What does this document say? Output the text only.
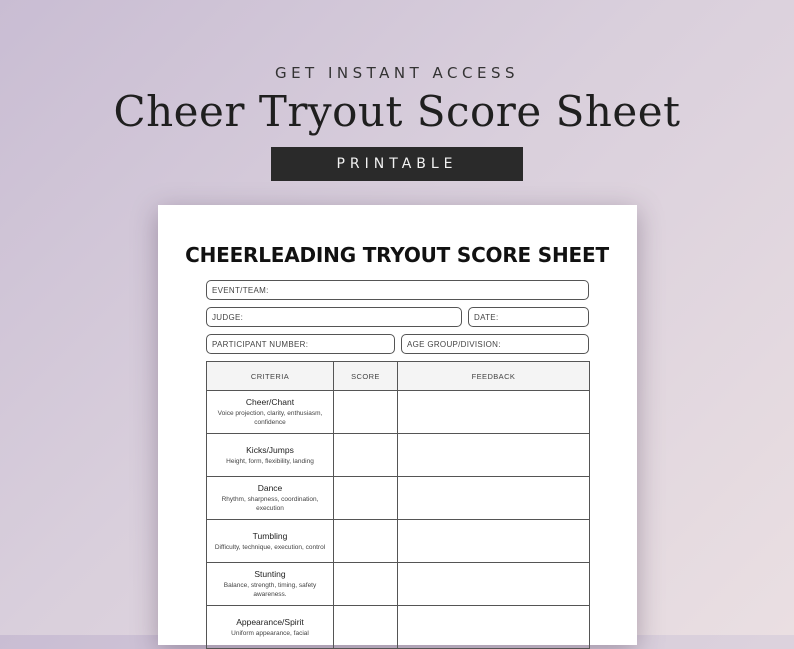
GET INSTANT ACCESS
Cheer Tryout Score Sheet
PRINTABLE
CHEERLEADING TRYOUT SCORE SHEET
EVENT/TEAM:
JUDGE:	DATE:
PARTICIPANT NUMBER:	AGE GROUP/DIVISION:
CRITERIA	SCORE	FEEDBACK

Cheer/Chant
Voice projection, clarity, enthusiasm, confidence		

Kicks/Jumps
Height, form, flexibility, landing		

Dance
Rhythm, sharpness, coordination, execution		

Tumbling
Difficulty, technique, execution, control		

Stunting
Balance, strength, timing, safety awareness.		

Appearance/Spirit
Uniform appearance, facial		
